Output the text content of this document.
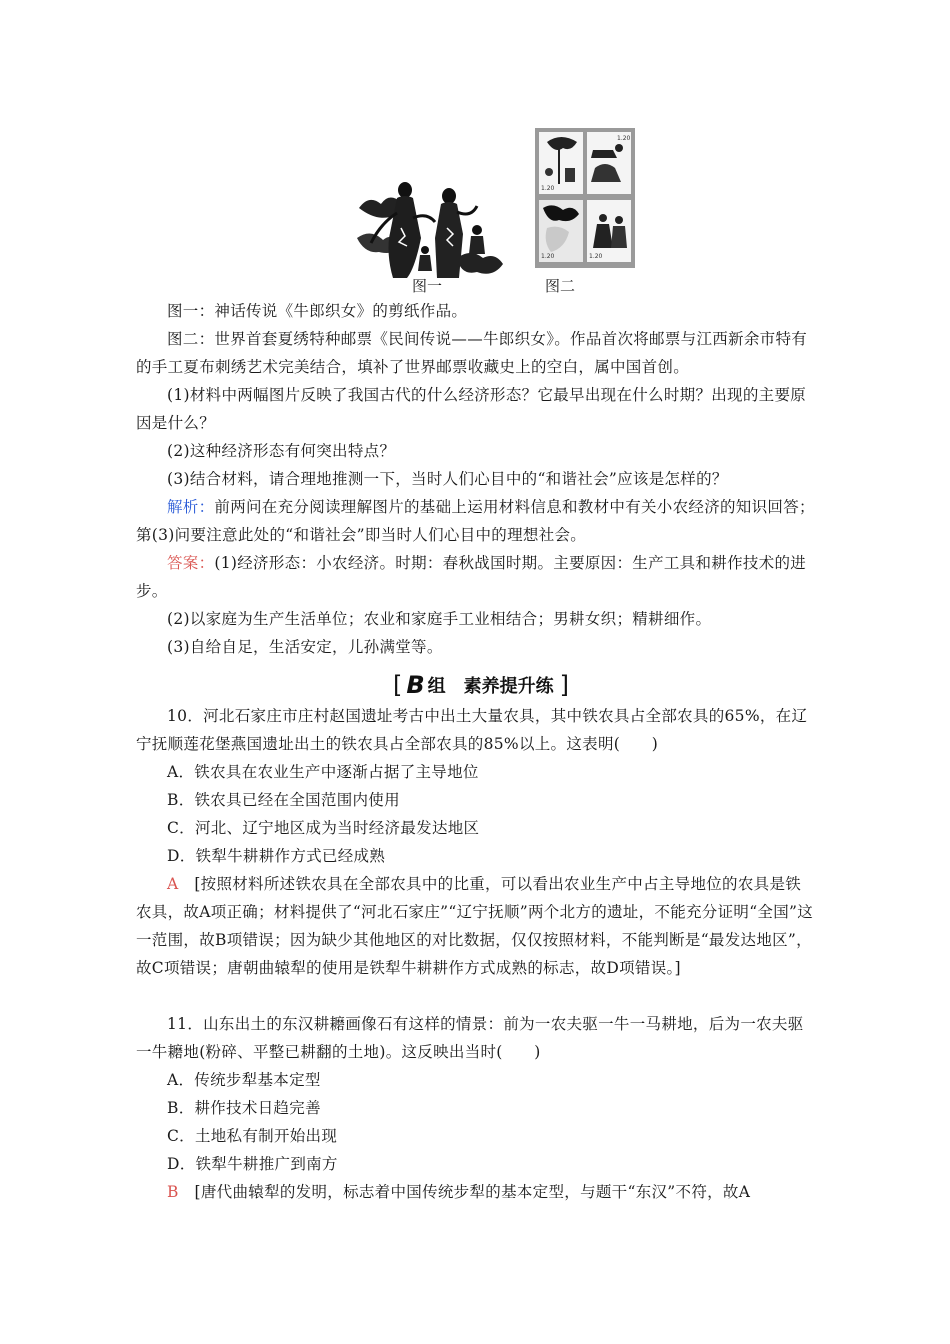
1.20
1.20
1.20	1.20
图一	图二
图一：神话传说《牛郎织女》的剪纸作品。
图二：世界首套夏绣特种邮票《民间传说——牛郎织女》。作品首次将邮票与江西新余市特有的手工夏布刺绣艺术完美结合，填补了世界邮票收藏史上的空白，属中国首创。
(1)材料中两幅图片反映了我国古代的什么经济形态？它最早出现在什么时期？出现的主要原因是什么？
(2)这种经济形态有何突出特点？
(3)结合材料，请合理地推测一下，当时人们心目中的“和谐社会”应该是怎样的？
解析：前两问在充分阅读理解图片的基础上运用材料信息和教材中有关小农经济的知识回答；第(3)问要注意此处的“和谐社会”即当时人们心目中的理想社会。
答案：(1)经济形态：小农经济。时期：春秋战国时期。主要原因：生产工具和耕作技术的进步。
(2)以家庭为生产生活单位；农业和家庭手工业相结合；男耕女织；精耕细作。
(3)自给自足，生活安定，儿孙满堂等。
[ B 组　素养提升练 ]
10．河北石家庄市庄村赵国遗址考古中出土大量农具，其中铁农具占全部农具的65%，在辽宁抚顺莲花堡燕国遗址出土的铁农具占全部农具的85%以上。这表明(　　)
A．铁农具在农业生产中逐渐占据了主导地位
B．铁农具已经在全国范围内使用
C．河北、辽宁地区成为当时经济最发达地区
D．铁犁牛耕耕作方式已经成熟
A　 [按照材料所述铁农具在全部农具中的比重，可以看出农业生产中占主导地位的农具是铁农具，故A项正确；材料提供了“河北石家庄”“辽宁抚顺”两个北方的遗址，不能充分证明“全国”这一范围，故B项错误；因为缺少其他地区的对比数据，仅仅按照材料，不能判断是“最发达地区”，故C项错误；唐朝曲辕犁的使用是铁犁牛耕耕作方式成熟的标志，故D项错误。]
11．山东出土的东汉耕耱画像石有这样的情景：前为一农夫驱一牛一马耕地，后为一农夫驱一牛耱地(粉碎、平整已耕翻的土地)。这反映出当时(　　)
A．传统步犁基本定型
B．耕作技术日趋完善
C．土地私有制开始出现
D．铁犁牛耕推广到南方
B　 [唐代曲辕犁的发明，标志着中国传统步犁的基本定型，与题干“东汉”不符，故A
